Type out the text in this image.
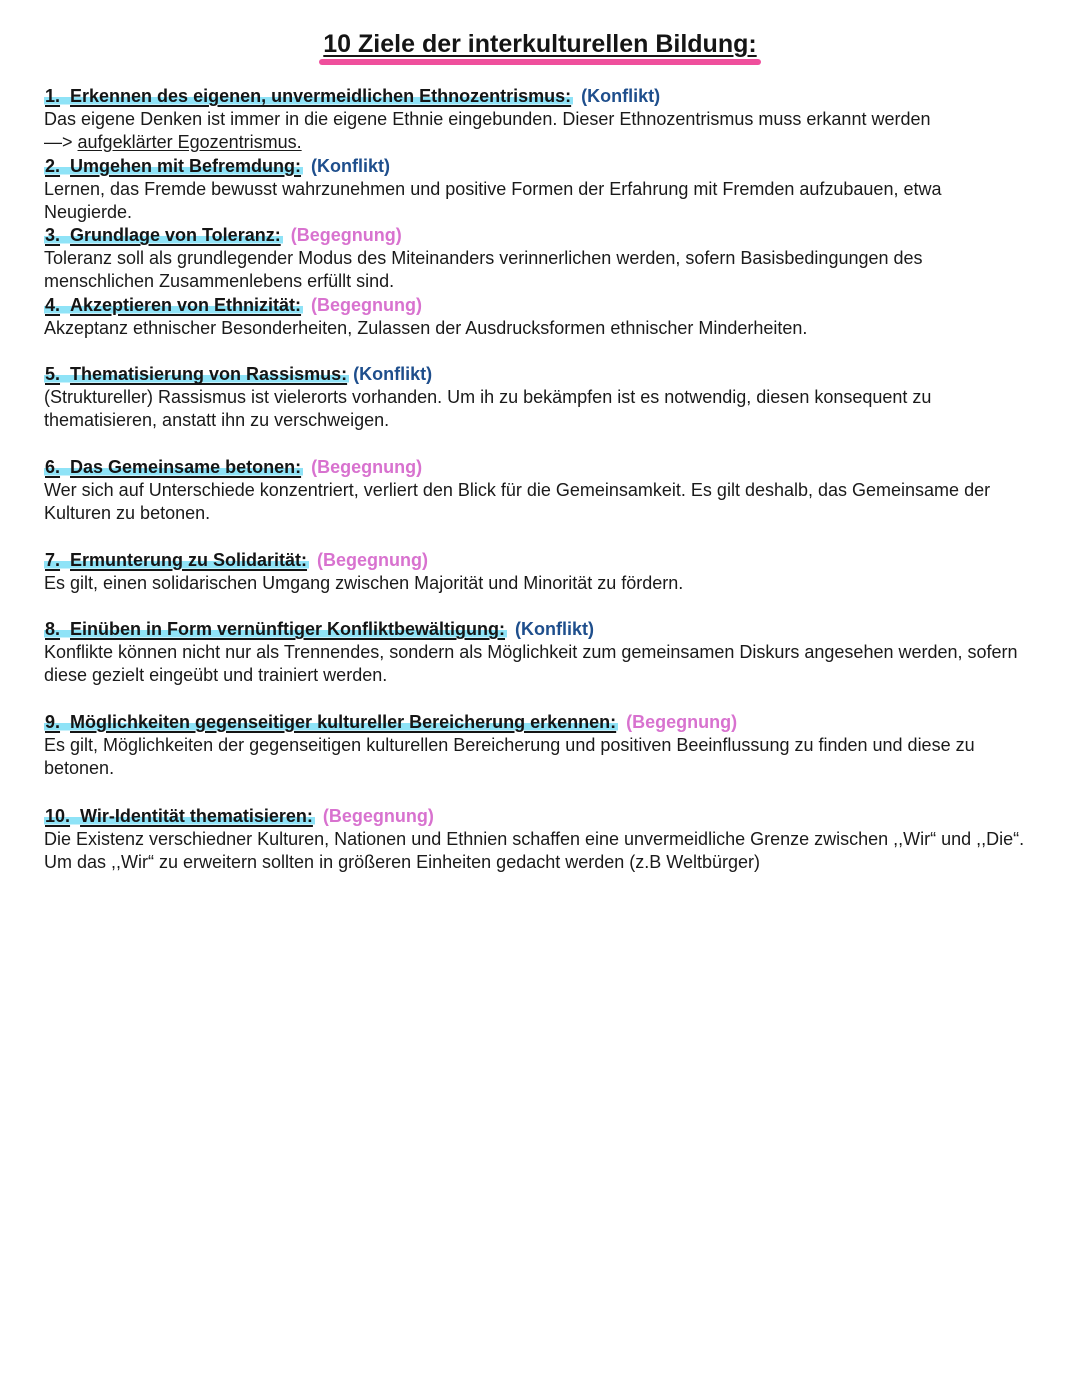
10 Ziele der interkulturellen Bildung:
1. Erkennen des eigenen, unvermeidlichen Ethnozentrismus: (Konflikt)
Das eigene Denken ist immer in die eigene Ethnie eingebunden. Dieser Ethnozentrismus muss erkannt werden
—> aufgeklärter Egozentrismus.
2. Umgehen mit Befremdung: (Konflikt)
Lernen, das Fremde bewusst wahrzunehmen und positive Formen der Erfahrung mit Fremden aufzubauen, etwa Neugierde.
3. Grundlage von Toleranz: (Begegnung)
Toleranz soll als grundlegender Modus des Miteinanders verinnerlichen werden, sofern Basisbedingungen des menschlichen Zusammenlebens erfüllt sind.
4. Akzeptieren von Ethnizität: (Begegnung)
Akzeptanz ethnischer Besonderheiten, Zulassen der Ausdrucksformen ethnischer Minderheiten.
5. Thematisierung von Rassismus: (Konflikt)
(Struktureller) Rassismus ist vielerorts vorhanden. Um ih zu bekämpfen ist es notwendig, diesen konsequent zu thematisieren, anstatt ihn zu verschweigen.
6. Das Gemeinsame betonen: (Begegnung)
Wer sich auf Unterschiede konzentriert, verliert den Blick für die Gemeinsamkeit. Es gilt deshalb, das Gemeinsame der Kulturen zu betonen.
7. Ermunterung zu Solidarität: (Begegnung)
Es gilt, einen solidarischen Umgang zwischen Majorität und Minorität zu fördern.
8. Einüben in Form vernünftiger Konfliktbewältigung: (Konflikt)
Konflikte können nicht nur als Trennendes, sondern als Möglichkeit zum gemeinsamen Diskurs angesehen werden, sofern diese gezielt eingeübt und trainiert werden.
9. Möglichkeiten gegenseitiger kultureller Bereicherung erkennen: (Begegnung)
Es gilt, Möglichkeiten der gegenseitigen kulturellen Bereicherung und positiven Beeinflussung zu finden und diese zu betonen.
10. Wir-Identität thematisieren: (Begegnung)
Die Existenz verschiedner Kulturen, Nationen und Ethnien schaffen eine unvermeidliche Grenze zwischen ,,Wir“ und ,,Die“. Um das ,,Wir“ zu erweitern sollten in größeren Einheiten gedacht werden (z.B Weltbürger)
